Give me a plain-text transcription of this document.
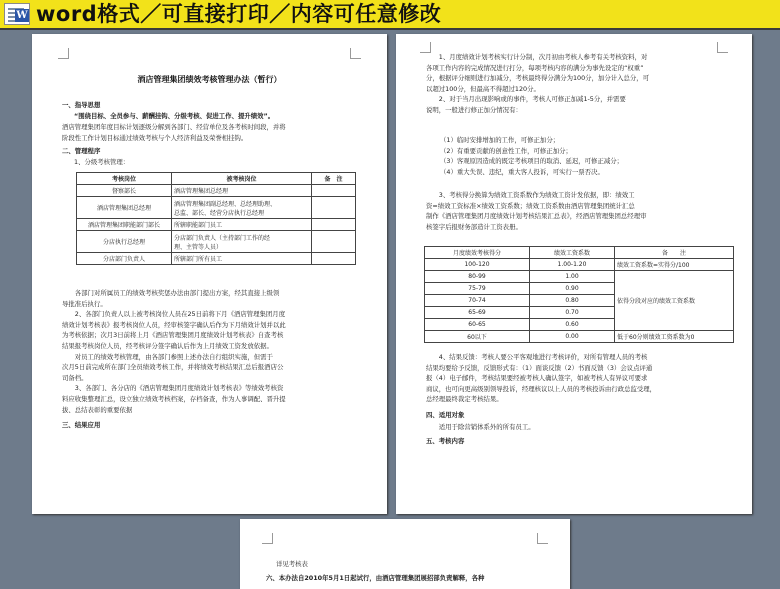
W word格式／可直接打印／内容可任意修改
酒店管理集团绩效考核管理办法（暂行）
一、指导思想
“围绕目标、全员参与、薪酬挂钩、分级考核、促进工作、提升绩效”。

酒店管理集团年度目标计划逐级分解到各部门、经营单位及各考核时间段，并将

阶段性工作计划目标通过绩效考核与个人经济利益及荣誉相挂钩。

二、管理程序
1、分级考核管理：
考核岗位	被考核岗位	备　注
督察部长	酒店管理集团总经理	
酒店管理集团总经理	酒店管理集团副总经理、总经理助理、
总监、部长、经营分店执行总经理	

酒店管理集团职能部门部长	所辖职能部门员工	
分店执行总经理	分店部门负责人（主持部门工作的经
理、主管等人员）	

分店部门负责人	所辖部门所有员工	

　　各部门对所属员工的绩效考核奖惩办法由部门提出方案，经其直接上级领

导批准后执行。

　　2、各部门负责人以上被考核岗位人员在25日前将下月《酒店管理集团月度

绩效计划考核表》报考核岗位人员，经审核签字确认后作为下月绩效计划并以此

为考核依据；次月3日前将上月《酒店管理集团月度绩效计划考核表》自查考核

结果报考核岗位人员，经考核评分签字确认后作为上月绩效工资发放依据。

　　对员工的绩效考核管理，由各部门参照上述办法自行组织实施，但需于

次月5日前完成所在部门全员绩效考核工作，并将绩效考核结果汇总后报酒店公

司备档。

　　3、各部门、各分店的《酒店管理集团月度绩效计划考核表》等绩效考核资

料应收集整理汇总，设立独立绩效考核档案，存档备查，作为人事调配、晋升提

拔、总结表彰的重要依据

三、结果应用

　　1、月度绩效计划考核实行计分制，次月初由考核人参考有关考核资料，对

各项工作内容的完成情况进行打分，每项考核内容的满分为事先设定的“权重”

分，根据评分细则进行加减分，考核最终得分满分为100分，加分计入总分，可

以超过100分，但最高不得超过120分。

　　2、对于当月出现影响或的事件，考核人可修正加减1-5分，并需要

说明，一般进行修正加分情况有：

（1）临时安排增加的工作，可修正加分；

（2）有重要贡献的创意性工作，可修正加分；

（3）客观原因造成的既定考核项目的取消、延迟，可修正减分；

（4）重大失误、违纪，重大客人投诉，可实行一票否决。

　　3、考核得分换算为绩效工资系数作为绩效工资计发依据，即：绩效工

资=绩效工资标准×绩效工资系数；绩效工资系数由酒店管理集团统计汇总

制作《酒店管理集团月度绩效计划考核结果汇总表》，经酒店管理集团总经理审

核签字后报财务部造计工资表册。

月度绩效考核得分	绩效工资系数	备　　注
100-120	1.00-1.20	绩效工资系数=实得分/100
80-99	1.00	依得分段对应的绩效工资系数
75-79	0.90	
70-74	0.80	
65-69	0.70	
60-65	0.60	
60以下	0.00	低于60分则绩效工资系数为0

　　4、结果反馈：考核人要公平客观地进行考核评价，对所有管理人员的考核

结果均要给予反馈，反馈形式有：（1）面谈反馈（2）书面反馈（3）会议点评通

报（4）电子邮件，考核结果要经被考核人确认签字，如被考核人有异议可要求

商议，也可向更高级别领导投诉，经理核议以上人员的考核投诉由行政总监受理，

总经理最终裁定考核结果。

四、适用对象
　　适用于除营销体系外的所有员工。
五、考核内容
详见考核表
六、本办法自2010年5月1日起试行，由酒店管理集团展招部负责解释，各种
